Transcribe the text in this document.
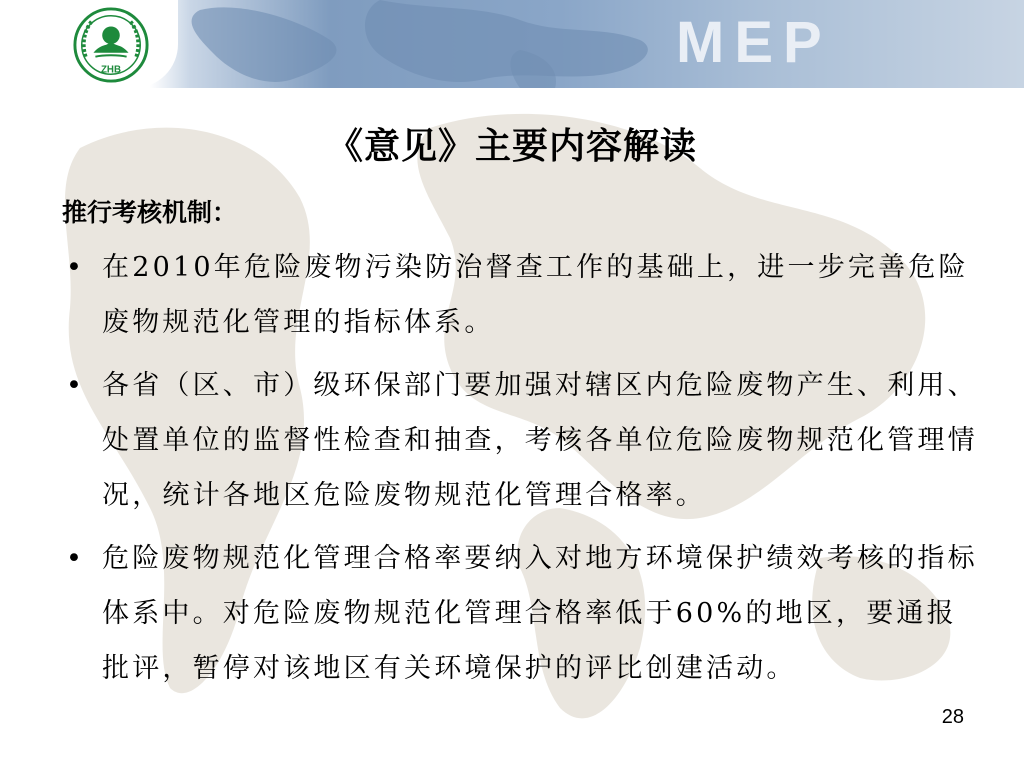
ZHB	MEP
《意见》主要内容解读
推行考核机制：
• 在2010年危险废物污染防治督查工作的基础上，进一步完善危险废物规范化管理的指标体系。
• 各省（区、市）级环保部门要加强对辖区内危险废物产生、利用、处置单位的监督性检查和抽查，考核各单位危险废物规范化管理情况，统计各地区危险废物规范化管理合格率。
• 危险废物规范化管理合格率要纳入对地方环境保护绩效考核的指标体系中。对危险废物规范化管理合格率低于60%的地区，要通报批评，暂停对该地区有关环境保护的评比创建活动。
28
